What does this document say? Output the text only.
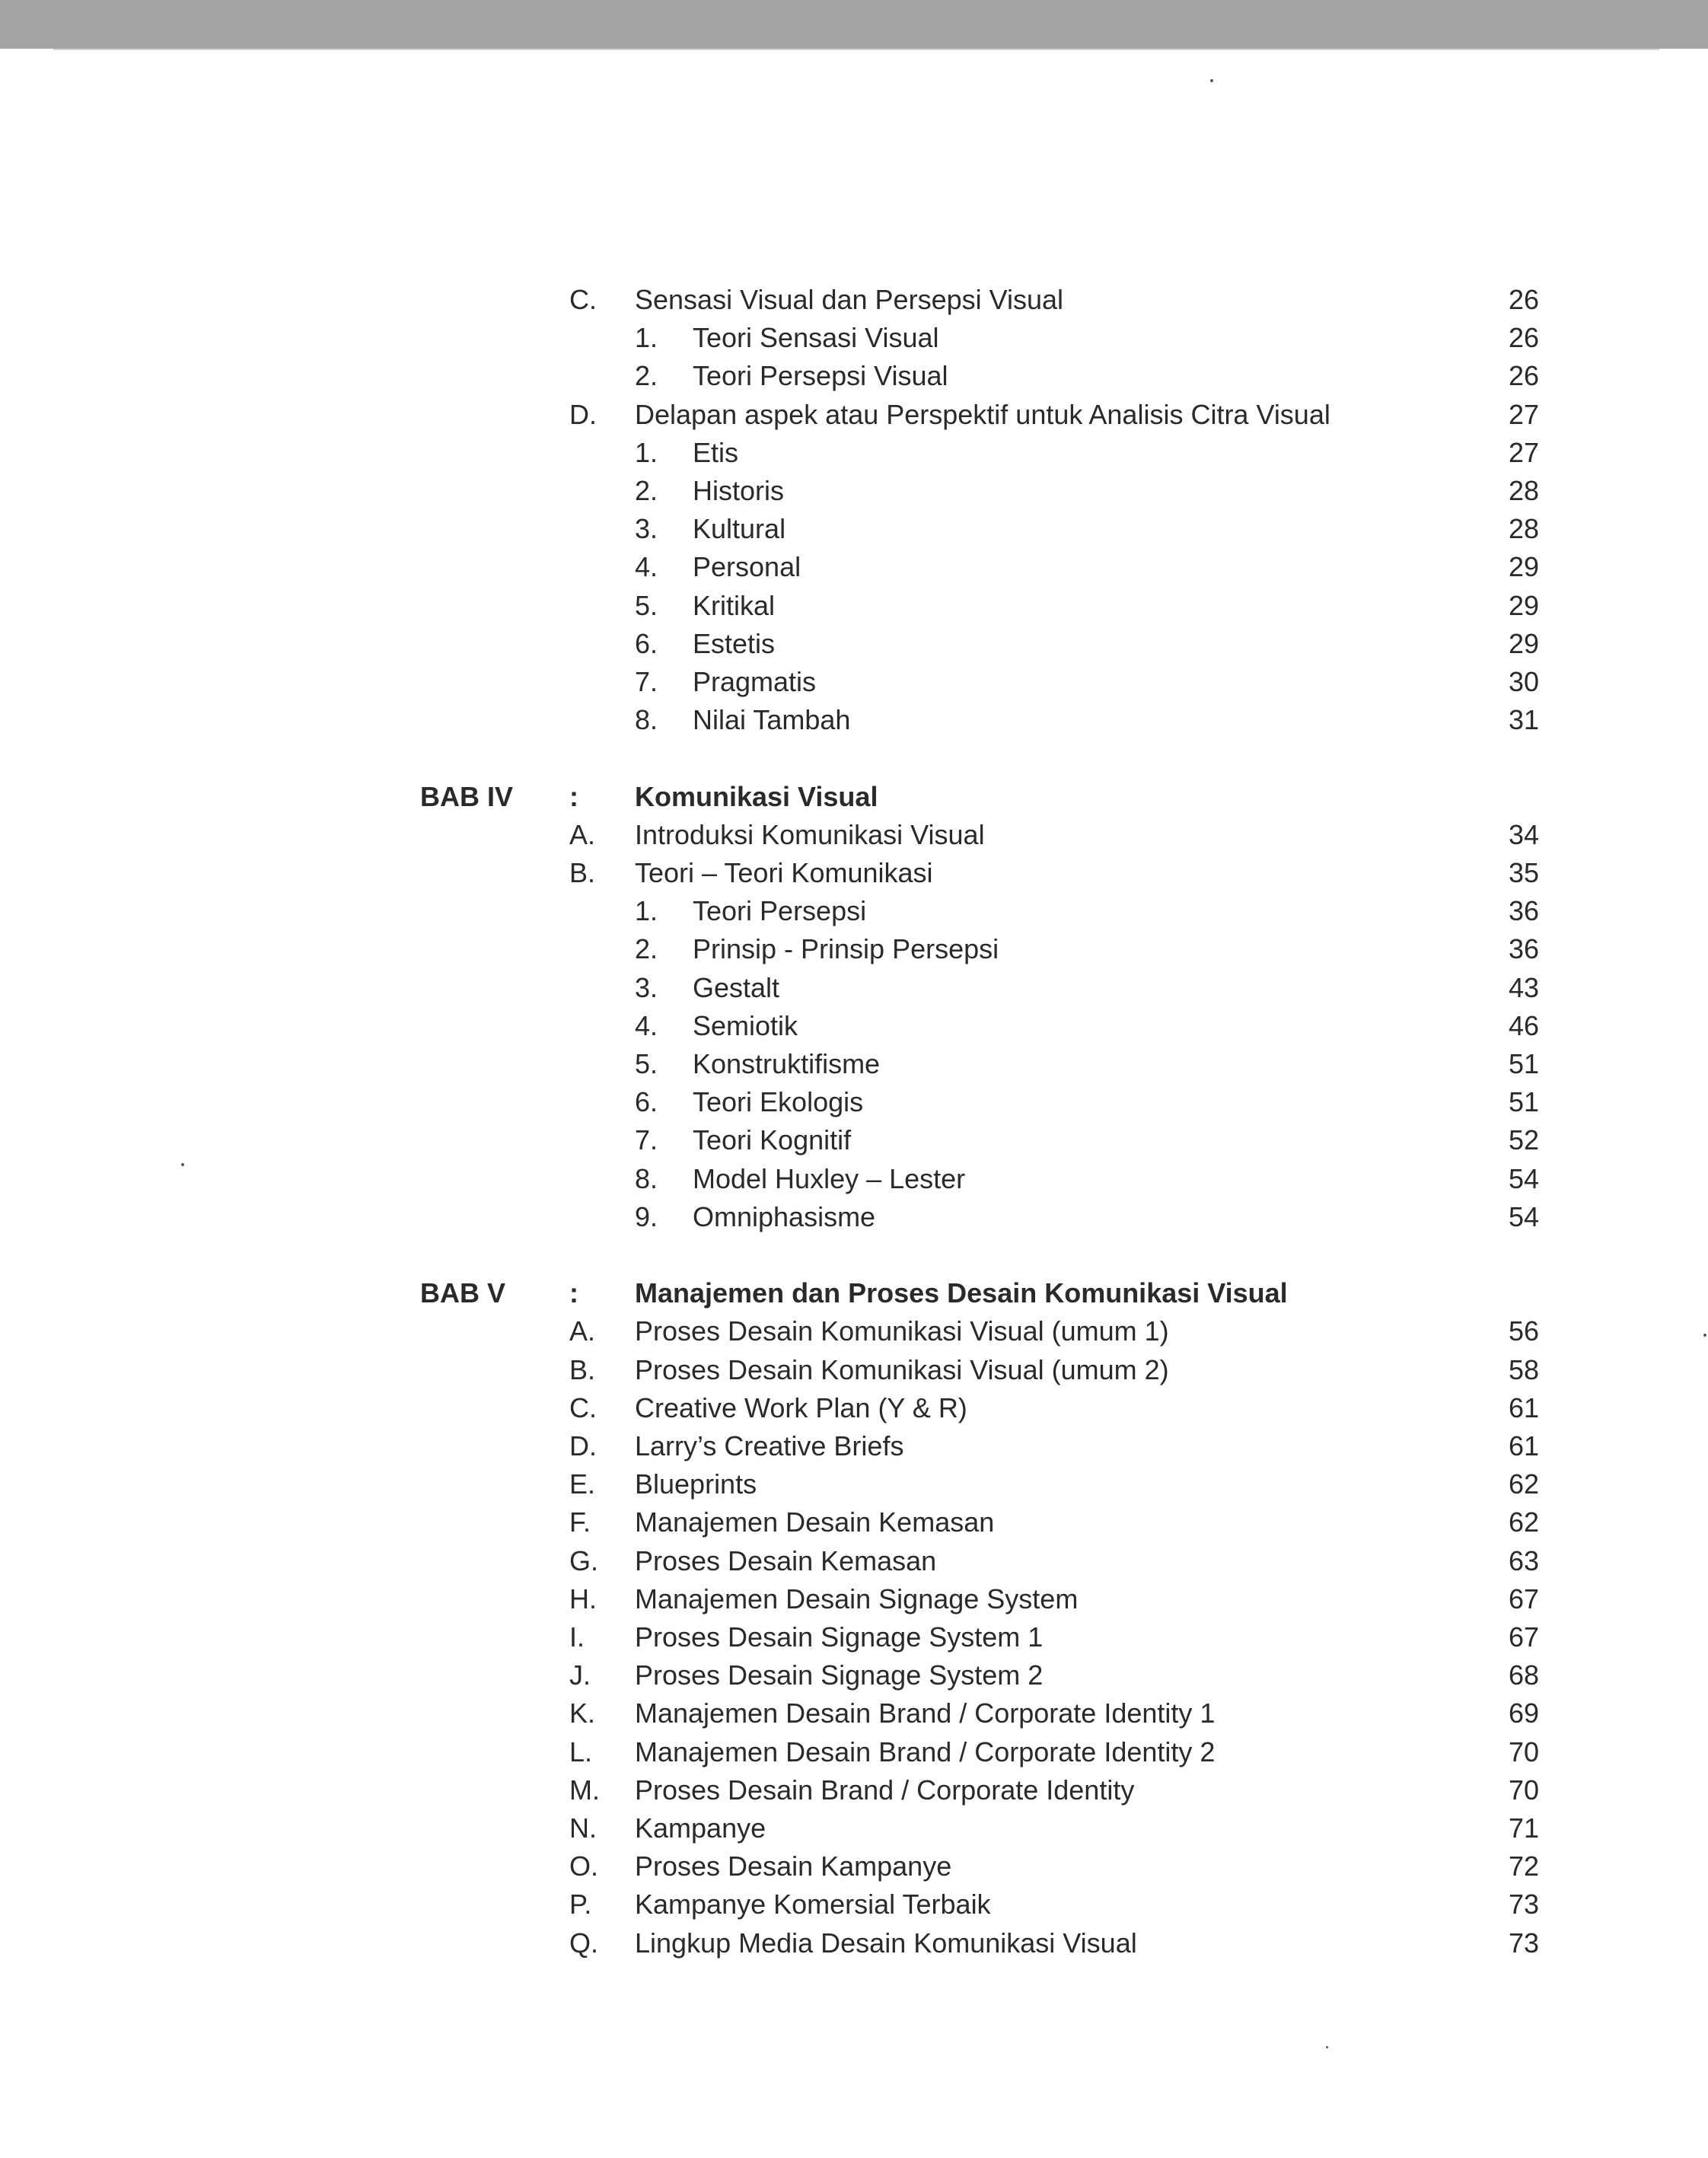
C. Sensasi Visual dan Persepsi Visual	26
1. Teori Sensasi Visual	26
2. Teori Persepsi Visual	26
D. Delapan aspek atau Perspektif untuk Analisis Citra Visual	27
1. Etis	27
2. Historis	28
3. Kultural	28
4. Personal	29
5. Kritikal	29
6. Estetis	29
7. Pragmatis	30
8. Nilai Tambah	31
BAB IV : Komunikasi Visual
A. Introduksi Komunikasi Visual	34
B. Teori – Teori Komunikasi	35
1. Teori Persepsi	36
2. Prinsip - Prinsip Persepsi	36
3. Gestalt	43
4. Semiotik	46
5. Konstruktifisme	51
6. Teori Ekologis	51
7. Teori Kognitif	52
8. Model Huxley – Lester	54
9. Omniphasisme	54
BAB V : Manajemen dan Proses Desain Komunikasi Visual
A. Proses Desain Komunikasi Visual (umum 1)	56
B. Proses Desain Komunikasi Visual (umum 2)	58
C. Creative Work Plan (Y & R)	61
D. Larry’s Creative Briefs	61
E. Blueprints	62
F. Manajemen Desain Kemasan	62
G. Proses Desain Kemasan	63
H. Manajemen Desain Signage System	67
I. Proses Desain Signage System 1	67
J. Proses Desain Signage System 2	68
K. Manajemen Desain Brand / Corporate Identity 1	69
L. Manajemen Desain Brand / Corporate Identity 2	70
M. Proses Desain Brand / Corporate Identity	70
N. Kampanye	71
O. Proses Desain Kampanye	72
P. Kampanye Komersial Terbaik	73
Q. Lingkup Media Desain Komunikasi Visual	73
